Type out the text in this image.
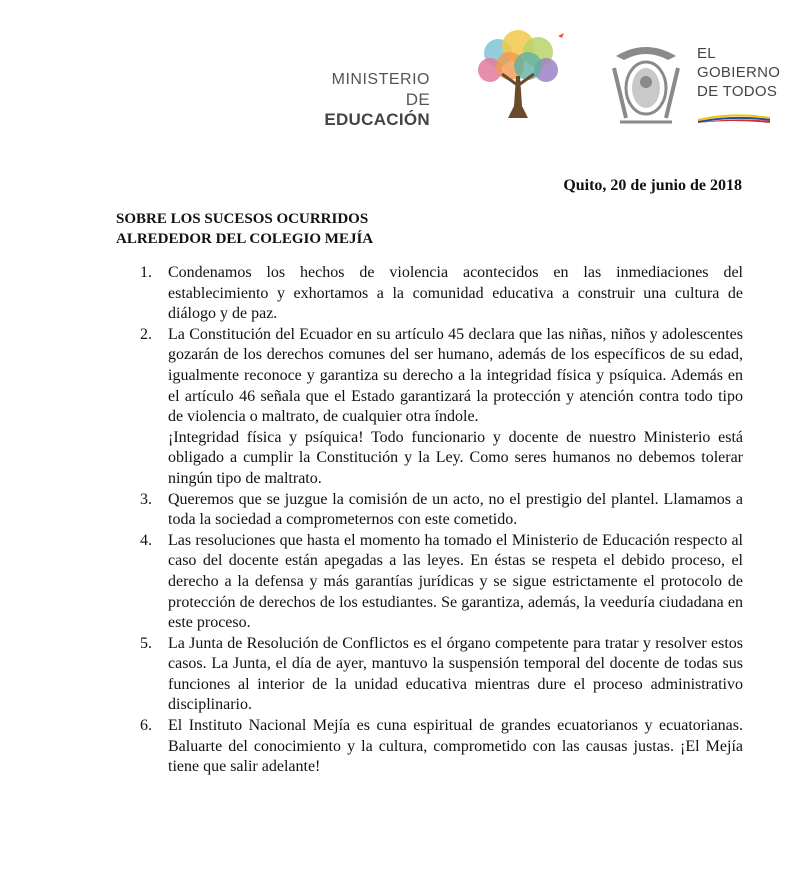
MINISTERIO
DE EDUCACIÓN
EL
GOBIERNO
DE TODOS
Quito, 20 de junio de 2018
SOBRE LOS SUCESOS OCURRIDOS
ALREDEDOR DEL COLEGIO MEJÍA
1. Condenamos los hechos de violencia acontecidos en las inmediaciones del establecimiento y exhortamos a la comunidad educativa a construir una cultura de diálogo y de paz.

2. La Constitución del Ecuador en su artículo 45 declara que las niñas, niños y adolescentes gozarán de los derechos comunes del ser humano, además de los específicos de su edad, igualmente reconoce y garantiza su derecho a la integridad física y psíquica. Además en el artículo 46 señala que el Estado garantizará la protección y atención contra todo tipo de violencia o maltrato, de cualquier otra índole.

¡Integridad física y psíquica! Todo funcionario y docente de nuestro Ministerio está obligado a cumplir la Constitución y la Ley. Como seres humanos no debemos tolerar ningún tipo de maltrato.

3. Queremos que se juzgue la comisión de un acto, no el prestigio del plantel. Llamamos a toda la sociedad a comprometernos con este cometido.

4. Las resoluciones que hasta el momento ha tomado el Ministerio de Educación respecto al caso del docente están apegadas a las leyes. En éstas se respeta el debido proceso, el derecho a la defensa y más garantías jurídicas y se sigue estrictamente el protocolo de protección de derechos de los estudiantes. Se garantiza, además, la veeduría ciudadana en este proceso.

5. La Junta de Resolución de Conflictos es el órgano competente para tratar y resolver estos casos. La Junta, el día de ayer, mantuvo la suspensión temporal del docente de todas sus funciones al interior de la unidad educativa mientras dure el proceso administrativo disciplinario.

6. El Instituto Nacional Mejía es cuna espiritual de grandes ecuatorianos y ecuatorianas. Baluarte del conocimiento y la cultura, comprometido con las causas justas. ¡El Mejía tiene que salir adelante!
